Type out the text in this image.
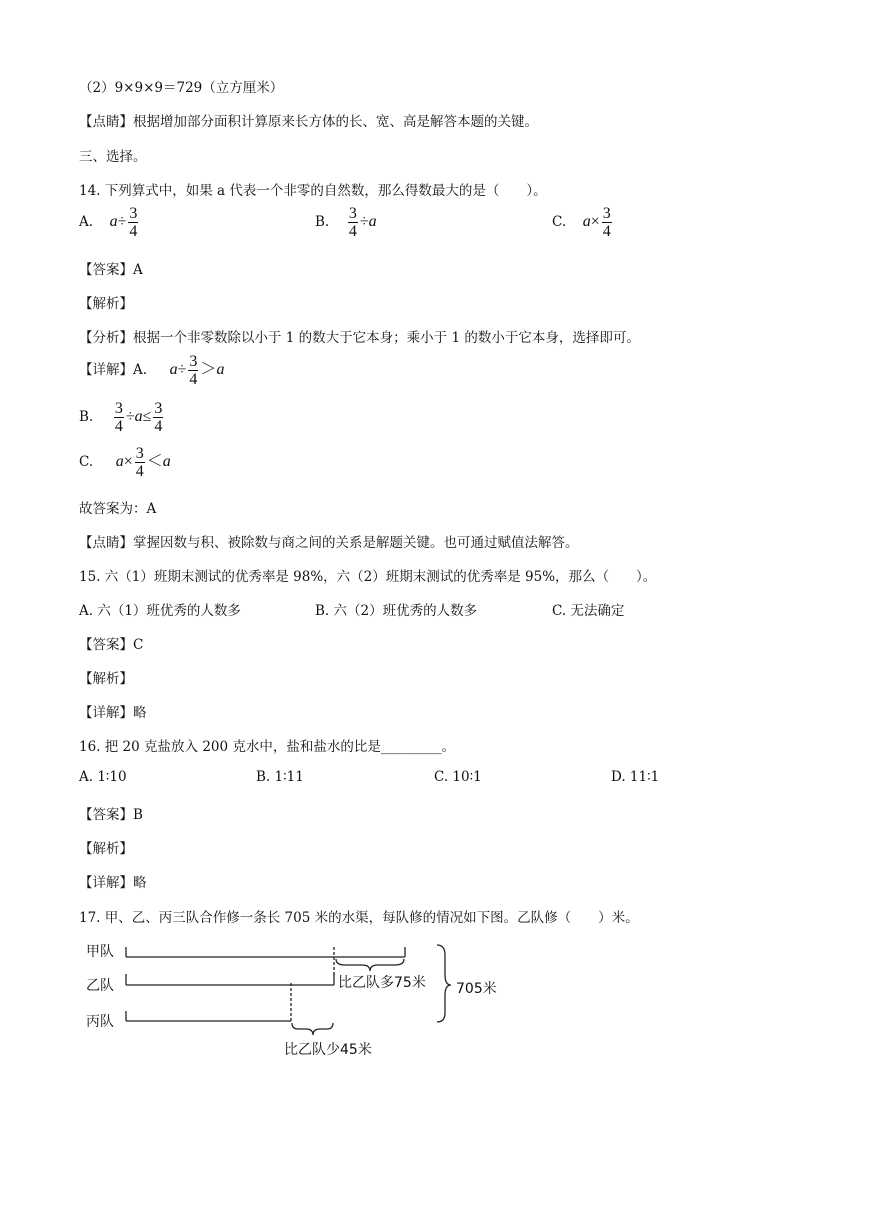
（2）9×9×9＝729（立方厘米）
【点睛】根据增加部分面积计算原来长方体的长、宽、高是解答本题的关键。
三、选择。
14. 下列算式中，如果 a 代表一个非零的自然数，那么得数最大的是（　　）。
A. $a\div \frac{3}{4}$	B. $\frac{3}{4} \div a$	C. $a\times \frac{3}{4}$
【答案】A
【解析】
【分析】根据一个非零数除以小于 1 的数大于它本身；乘小于 1 的数小于它本身，选择即可。
【详解】A. $a\div \frac{3}{4} >a$
B. $\frac{3}{4} \div a\le \frac{3}{4}$
C. $a\times \frac{3}{4} <a$
故答案为：A
【点睛】掌握因数与积、被除数与商之间的关系是解题关键。也可通过赋值法解答。
15. 六（1）班期末测试的优秀率是 98%，六（2）班期末测试的优秀率是 95%，那么（　　）。
A. 六（1）班优秀的人数多	B. 六（2）班优秀的人数多	C. 无法确定
【答案】C
【解析】
【详解】略
16. 把 20 克盐放入 200 克水中，盐和盐水的比是_________。
A. 1∶10	B. 1∶11	C. 10∶1	D. 11∶1
【答案】B
【解析】
【详解】略
17. 甲、乙、丙三队合作修一条长 705 米的水渠，每队修的情况如下图。乙队修（　　）米。
甲队
乙队
丙队
比乙队多75米
比乙队少45米
705米
